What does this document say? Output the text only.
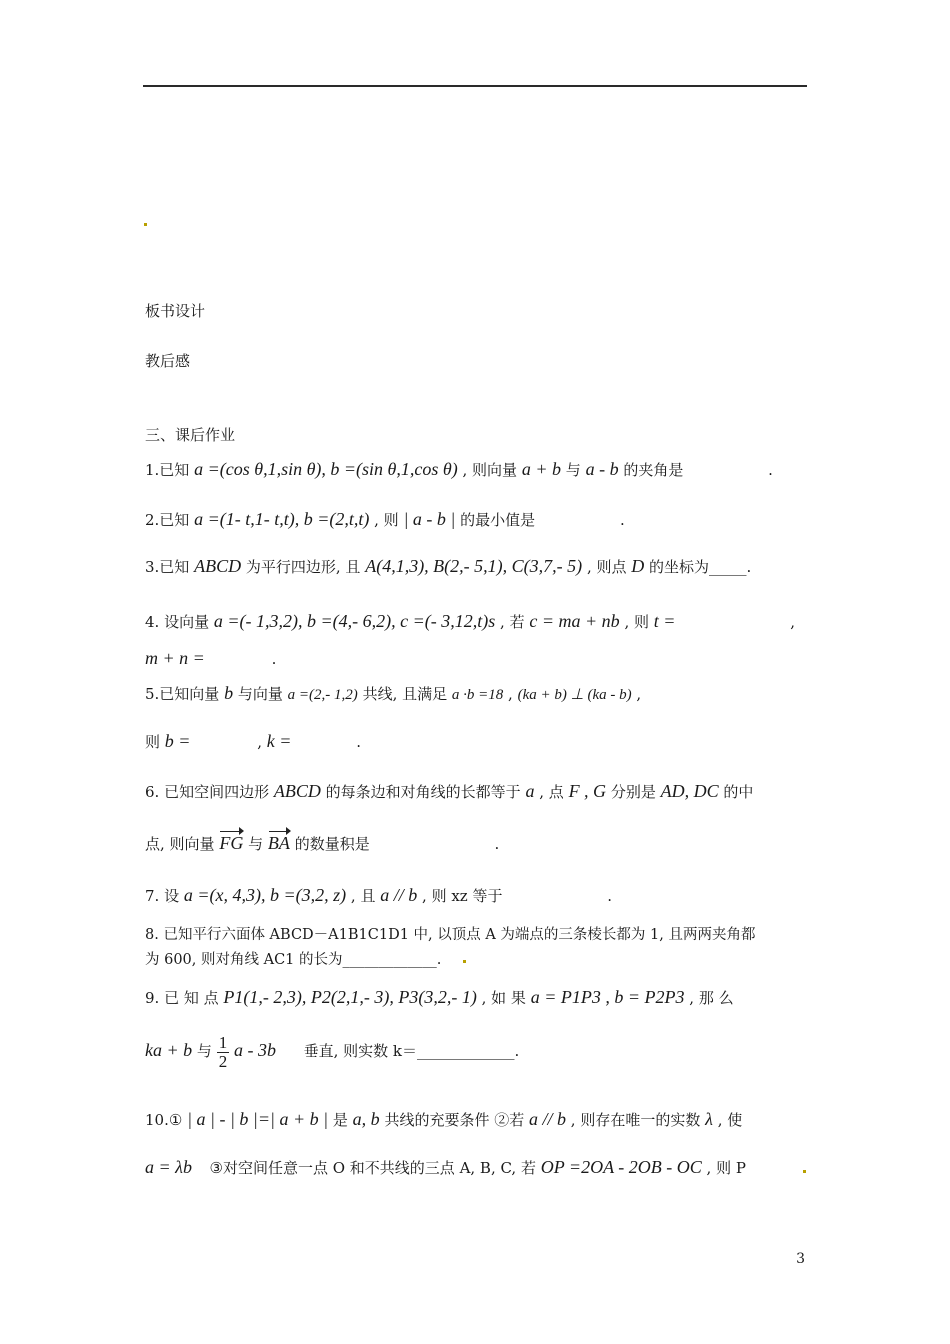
板书设计
教后感
三、课后作业
1.已知 a =(cos θ,1,sin θ), b =(sin θ,1,cos θ) , 则向量 a + b 与 a - b 的夹角是	.
2.已知 a =(1- t,1- t,t), b =(2,t,t) , 则 | a - b | 的最小值是	.
3.已知 ABCD 为平行四边形, 且 A(4,1,3), B(2,- 5,1), C(3,7,- 5) , 则点 D 的坐标为_____.
4. 设向量 a =(- 1,3,2), b =(4,- 6,2), c =(- 3,12,t)s , 若 c = ma + nb , 则 t =	,
m + n =	.
5.已知向量 b 与向量 a =(2,- 1,2) 共线, 且满足 a ·b =18 , (ka + b) ⊥ (ka - b) ,
则 b =	, k =	.
6. 已知空间四边形 ABCD 的每条边和对角线的长都等于 a , 点 F , G 分别是 AD, DC 的中
点, 则向量 FG 与 BA 的数量积是	.
7. 设 a =(x, 4,3), b =(3,2, z) , 且 a // b , 则 xz 等于	.
8. 已知平行六面体 ABCD－A1B1C1D1 中, 以顶点 A 为端点的三条棱长都为 1, 且两两夹角都
为 600, 则对角线 AC1 的长为_____________.
9. 已 知 点 P1(1,- 2,3), P2(2,1,- 3), P3(3,2,- 1) , 如 果 a = P1P3 , b = P2P3 , 那 么
ka + b 与 $\frac{1}{2}$ a - 3b 垂直, 则实数 k＝_____________.
10.① | a | - | b |=| a + b | 是 a, b 共线的充要条件 ②若 a // b , 则存在唯一的实数 λ , 使
a = λb ③对空间任意一点 O 和不共线的三点 A, B, C, 若 OP =2OA - 2OB - OC , 则 P
3
